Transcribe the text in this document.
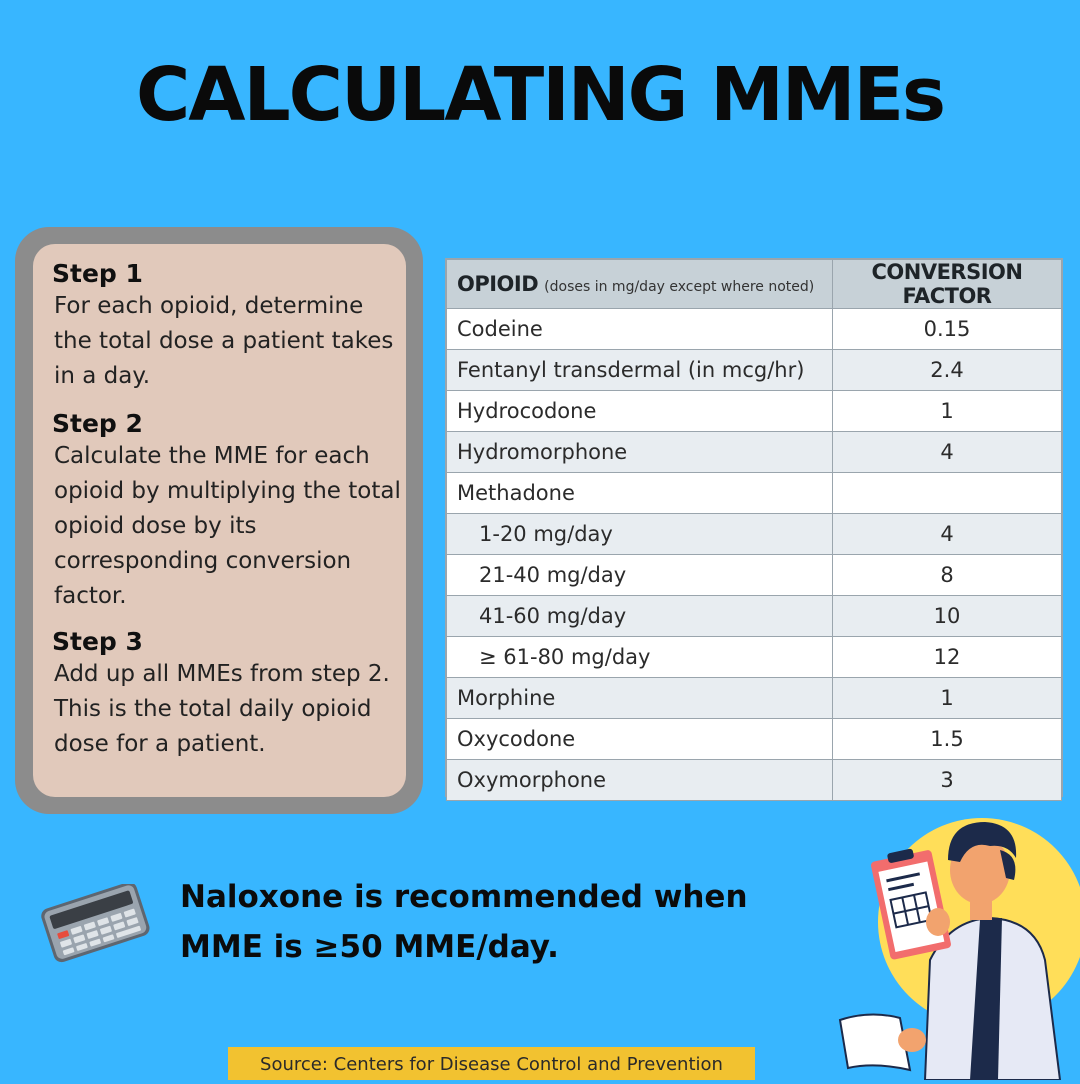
CALCULATING MMEs
Step 1

For each opioid, determine the total dose a patient takes in a day.

Step 2

Calculate the MME for each opioid by multiplying the total opioid dose by its corresponding conversion factor.

Step 3

Add up all MMEs from step 2. This is the total daily opioid dose for a patient.

OPIOID (doses in mg/day except where noted)	CONVERSION FACTOR
Codeine	0.15
Fentanyl transdermal (in mcg/hr)	2.4
Hydrocodone	1
Hydromorphone	4
Methadone	
1-20 mg/day	4
21-40 mg/day	8
41-60 mg/day	10
≥ 61-80 mg/day	12
Morphine	1
Oxycodone	1.5
Oxymorphone	3
Naloxone is recommended when MME is ≥50 MME/day.
Source: Centers for Disease Control and Prevention
